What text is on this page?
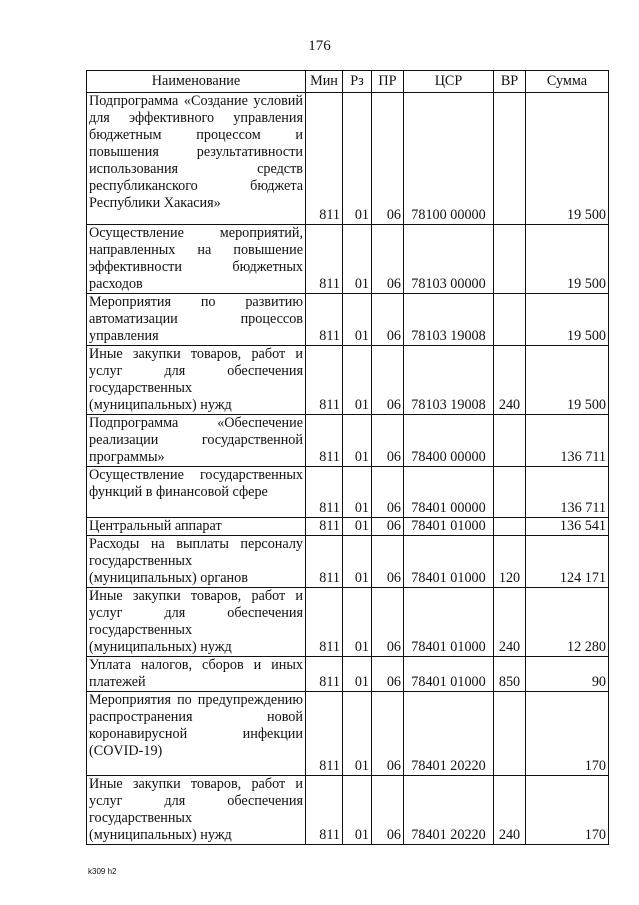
176
Наименование	Мин	Рз	ПР	ЦСР	ВР	Сумма
Подпрограмма «Создание условий для эффективного управления бюджетным процессом и повышения результативности использования средств республиканского бюджета Республики Хакасия»	811	01	06	78100 00000		19 500
Осуществление мероприятий, направленных на повышение эффективности бюджетных расходов	811	01	06	78103 00000		19 500
Мероприятия по развитию автоматизации процессов управления	811	01	06	78103 19008		19 500
Иные закупки товаров, работ и услуг для обеспечения государственных (муниципальных) нужд	811	01	06	78103 19008	240	19 500
Подпрограмма «Обеспечение реализации государственной программы»	811	01	06	78400 00000		136 711
Осуществление государственных функций в финансовой сфере	811	01	06	78401 00000		136 711
Центральный аппарат	811	01	06	78401 01000		136 541
Расходы на выплаты персоналу государственных (муниципальных) органов	811	01	06	78401 01000	120	124 171
Иные закупки товаров, работ и услуг для обеспечения государственных (муниципальных) нужд	811	01	06	78401 01000	240	12 280
Уплата налогов, сборов и иных платежей	811	01	06	78401 01000	850	90
Мероприятия по предупреждению распространения новой коронавирусной инфекции (COVID-19)	811	01	06	78401 20220		170
Иные закупки товаров, работ и услуг для обеспечения государственных (муниципальных) нужд	811	01	06	78401 20220	240	170
k309 h2
